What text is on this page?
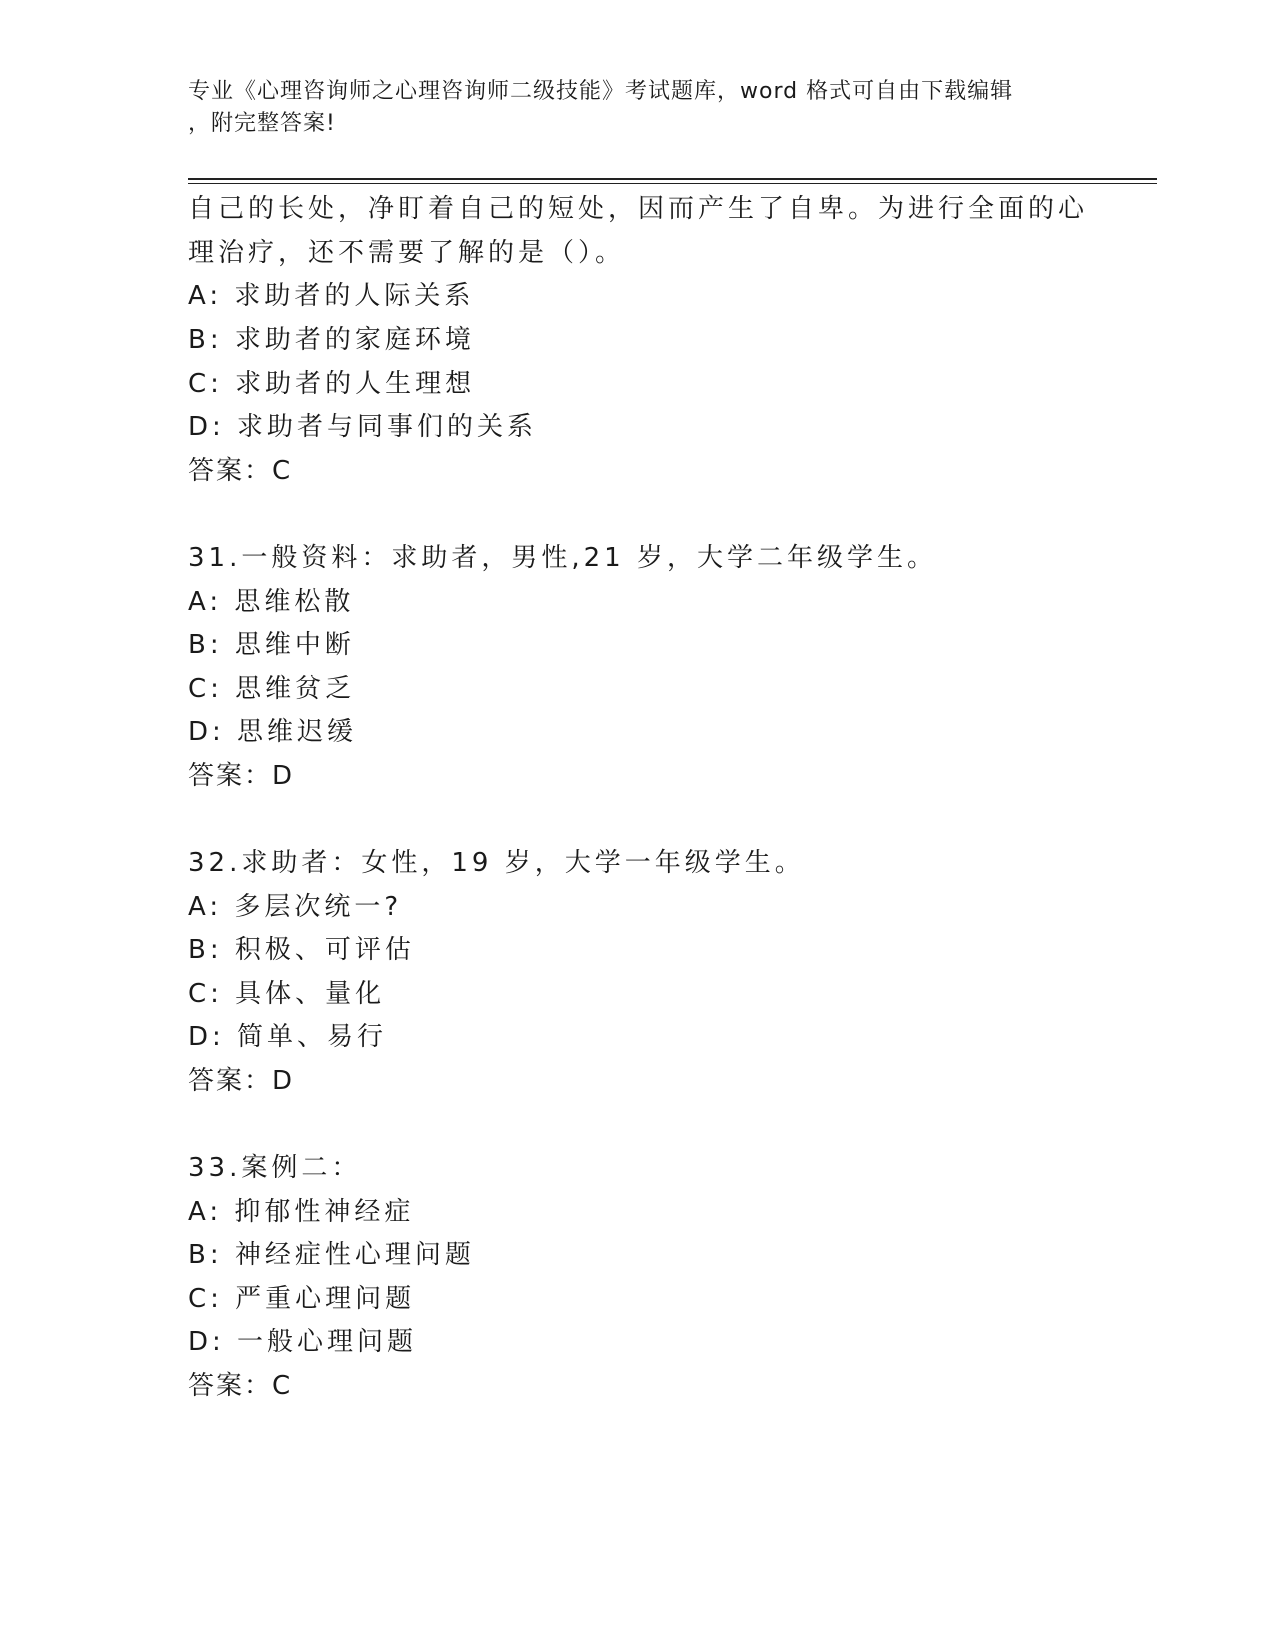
专业《心理咨询师之心理咨询师二级技能》考试题库，word 格式可自由下载编辑
，附完整答案!
自己的长处，净盯着自己的短处，因而产生了自卑。为进行全面的心
理治疗，还不需要了解的是（）。
A: 求助者的人际关系
B: 求助者的家庭环境
C: 求助者的人生理想
D: 求助者与同事们的关系
答案：C
31.一般资料：求助者，男性,21 岁，大学二年级学生。
A: 思维松散
B: 思维中断
C: 思维贫乏
D: 思维迟缓
答案：D
32.求助者：女性，19 岁，大学一年级学生。
A: 多层次统一?
B: 积极、可评估
C: 具体、量化
D: 简单、易行
答案：D
33.案例二：
A: 抑郁性神经症
B: 神经症性心理问题
C: 严重心理问题
D: 一般心理问题
答案：C
